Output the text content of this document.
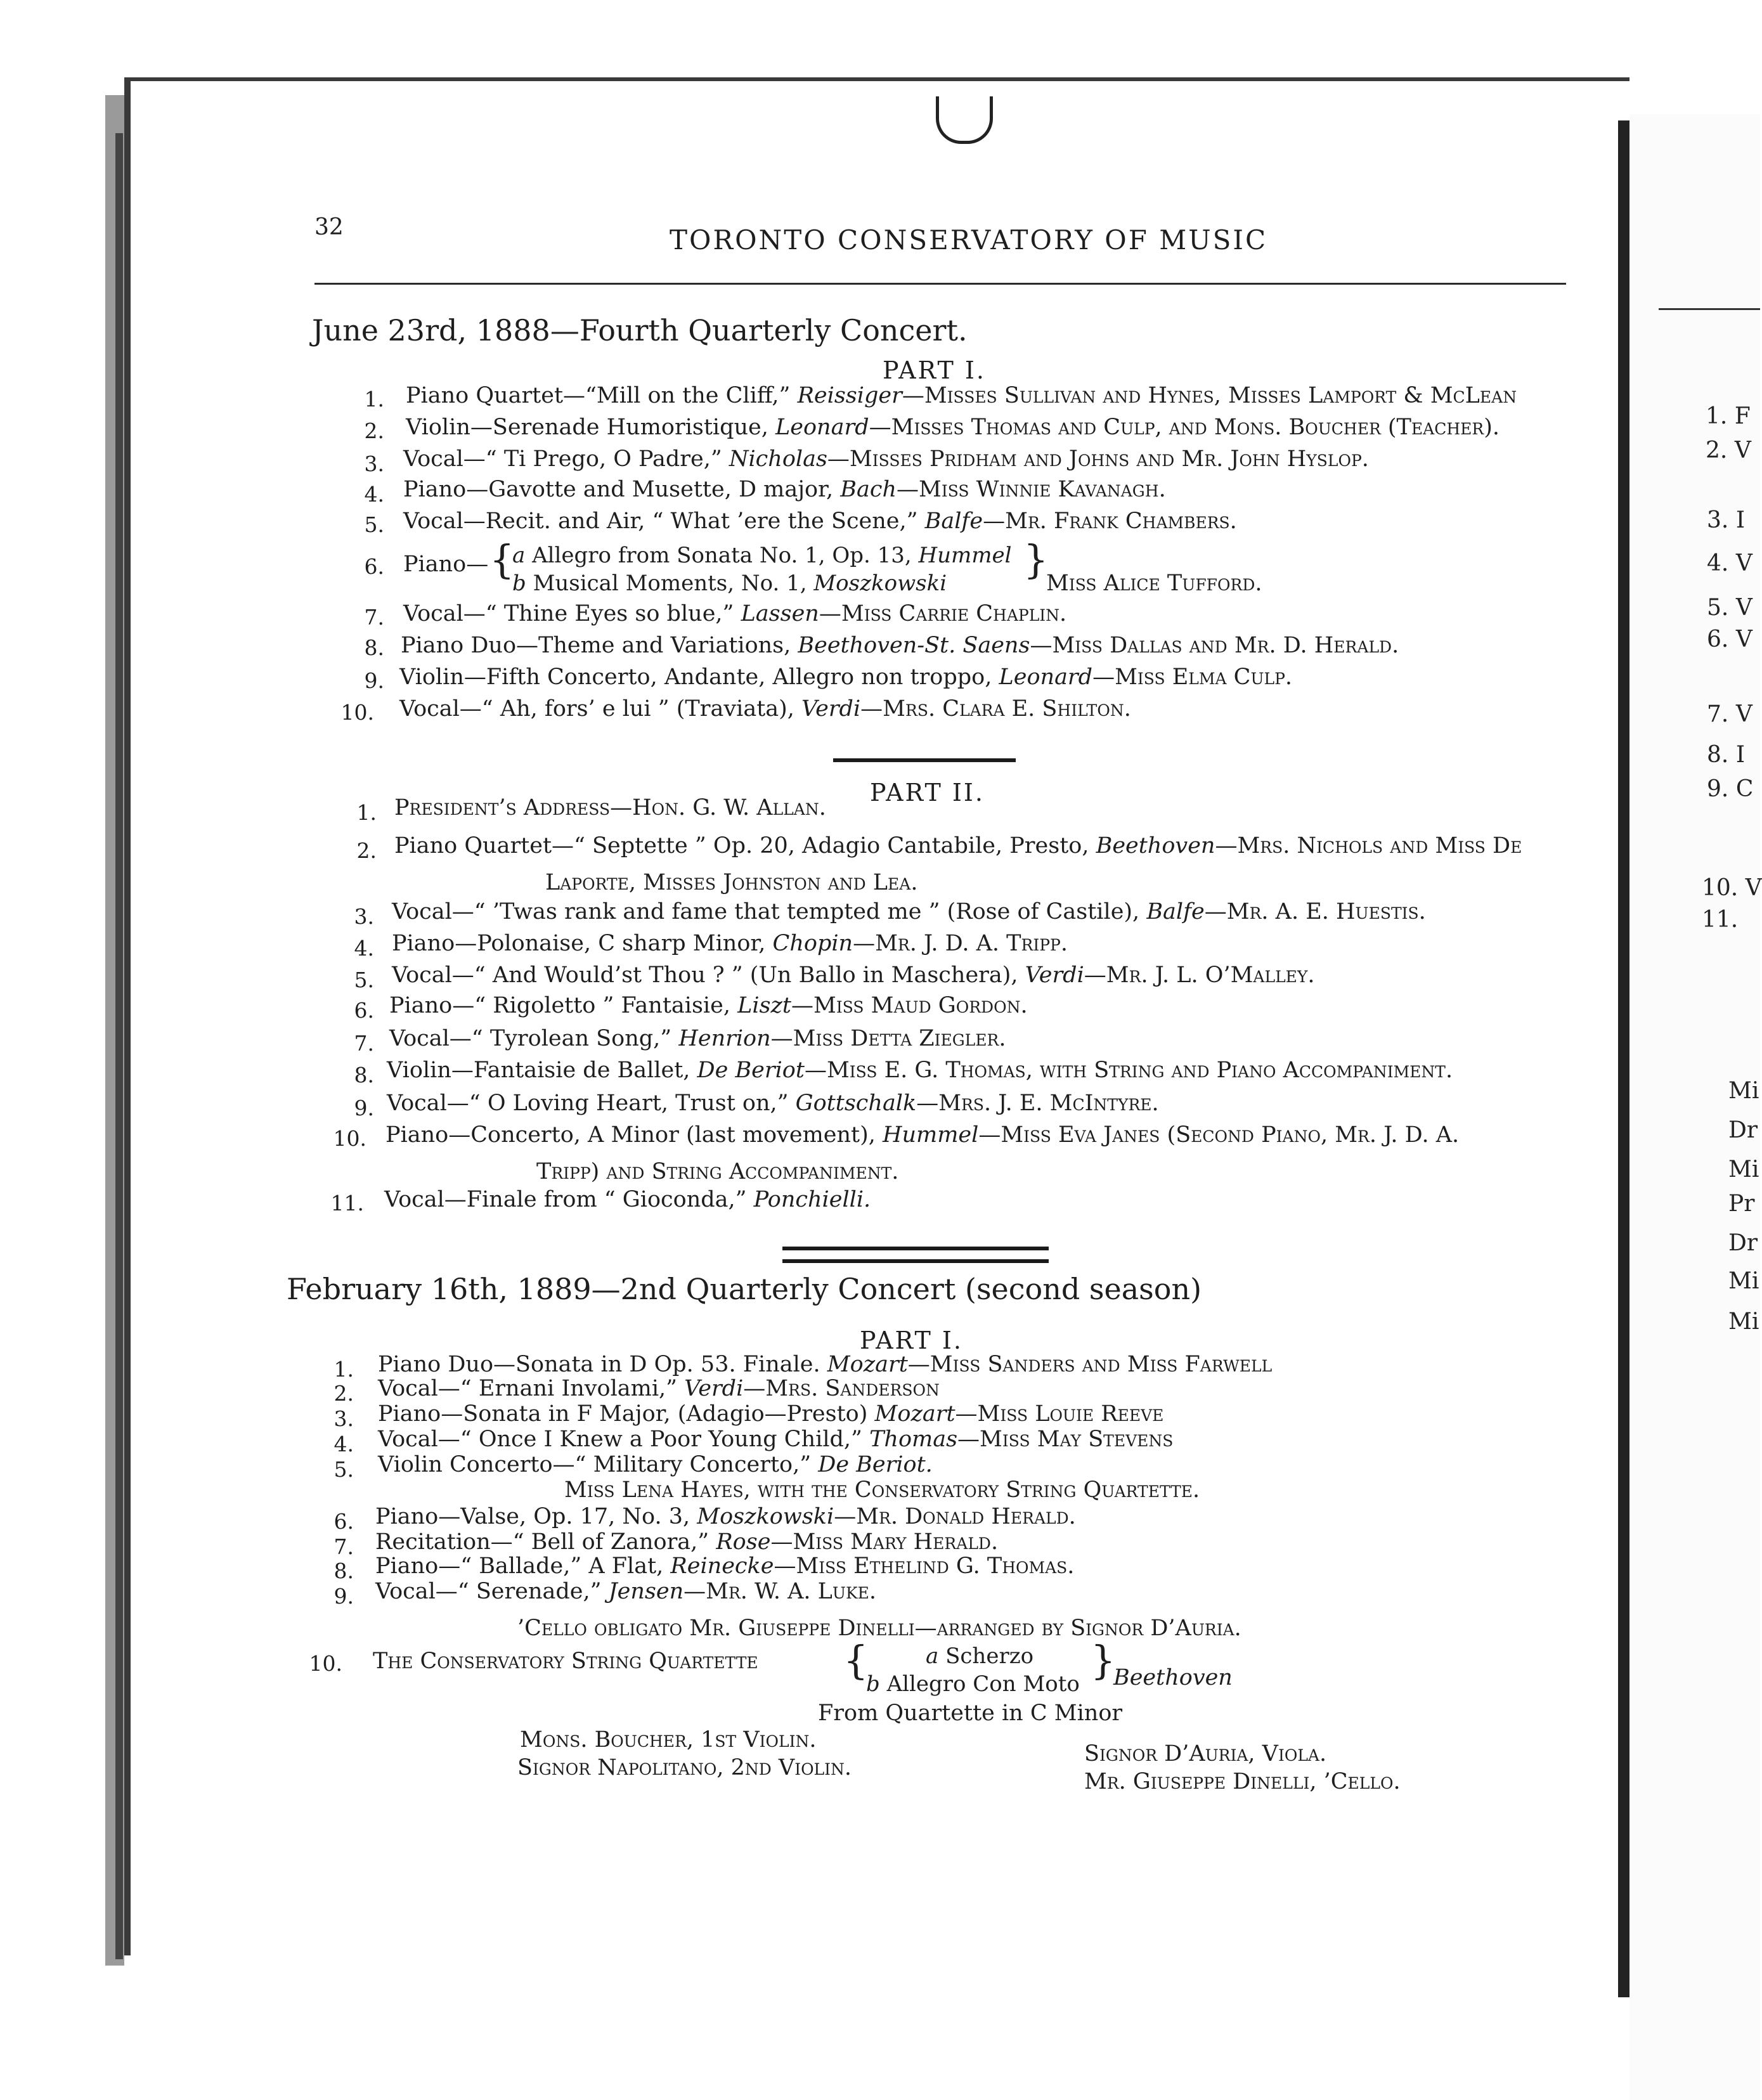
1. F
2. V
3. I
4. V
5. V
6. V
7. V
8. I
9. C
10. V
11.
Mi
Dr
Mi
Pr
Dr
Mi
Mi
32	TORONTO CONSERVATORY OF MUSIC
June 23rd, 1888—Fourth Quarterly Concert.
PART I.
1. Piano Quartet—“Mill on the Cliff,” Reissiger—Misses Sullivan and Hynes, Misses Lamport & McLean
2. Violin—Serenade Humoristique, Leonard—Misses Thomas and Culp, and Mons. Boucher (Teacher).
3. Vocal—“ Ti Prego, O Padre,” Nicholas—Misses Pridham and Johns and Mr. John Hyslop.
4. Piano—Gavotte and Musette, D major, Bach—Miss Winnie Kavanagh.
5. Vocal—Recit. and Air, “ What ’ere the Scene,” Balfe—Mr. Frank Chambers.
6. Piano— {
a Allegro from Sonata No. 1, Op. 13, Hummel
b Musical Moments, No. 1, Moszkowski
}
Miss Alice Tufford.
7. Vocal—“ Thine Eyes so blue,” Lassen—Miss Carrie Chaplin.
8. Piano Duo—Theme and Variations, Beethoven-St. Saens—Miss Dallas and Mr. D. Herald.
9. Violin—Fifth Concerto, Andante, Allegro non troppo, Leonard—Miss Elma Culp.
10. Vocal—“ Ah, fors’ e lui ” (Traviata), Verdi—Mrs. Clara E. Shilton.
PART II.
1. President’s Address—Hon. G. W. Allan.
2. Piano Quartet—“ Septette ” Op. 20, Adagio Cantabile, Presto, Beethoven—Mrs. Nichols and Miss De
Laporte, Misses Johnston and Lea.
3. Vocal—“ ’Twas rank and fame that tempted me ” (Rose of Castile), Balfe—Mr. A. E. Huestis.
4. Piano—Polonaise, C sharp Minor, Chopin—Mr. J. D. A. Tripp.
5. Vocal—“ And Would’st Thou ? ” (Un Ballo in Maschera), Verdi—Mr. J. L. O’Malley.
6. Piano—“ Rigoletto ” Fantaisie, Liszt—Miss Maud Gordon.
7. Vocal—“ Tyrolean Song,” Henrion—Miss Detta Ziegler.
8. Violin—Fantaisie de Ballet, De Beriot—Miss E. G. Thomas, with String and Piano Accompaniment.
9. Vocal—“ O Loving Heart, Trust on,” Gottschalk—Mrs. J. E. McIntyre.
10. Piano—Concerto, A Minor (last movement), Hummel—Miss Eva Janes (Second Piano, Mr. J. D. A.
Tripp) and String Accompaniment.
11. Vocal—Finale from “ Gioconda,” Ponchielli.
February 16th, 1889—2nd Quarterly Concert (second season)
PART I.
1. Piano Duo—Sonata in D Op. 53. Finale. Mozart—Miss Sanders and Miss Farwell
2. Vocal—“ Ernani Involami,” Verdi—Mrs. Sanderson
3. Piano—Sonata in F Major, (Adagio—Presto) Mozart—Miss Louie Reeve
4. Vocal—“ Once I Knew a Poor Young Child,” Thomas—Miss May Stevens
5. Violin Concerto—“ Military Concerto,” De Beriot.
Miss Lena Hayes, with the Conservatory String Quartette.
6. Piano—Valse, Op. 17, No. 3, Moszkowski—Mr. Donald Herald.
7. Recitation—“ Bell of Zanora,” Rose—Miss Mary Herald.
8. Piano—“ Ballade,” A Flat, Reinecke—Miss Ethelind G. Thomas.
9. Vocal—“ Serenade,” Jensen—Mr. W. A. Luke.
’Cello obligato Mr. Giuseppe Dinelli—arranged by Signor D’Auria.
10. The Conservatory String Quartette {	a Scherzo
b Allegro Con Moto
}
Beethoven
From Quartette in C Minor
Mons. Boucher, 1st Violin.
Signor Napolitano, 2nd Violin.
Signor D’Auria, Viola.
Mr. Giuseppe Dinelli, ’Cello.
